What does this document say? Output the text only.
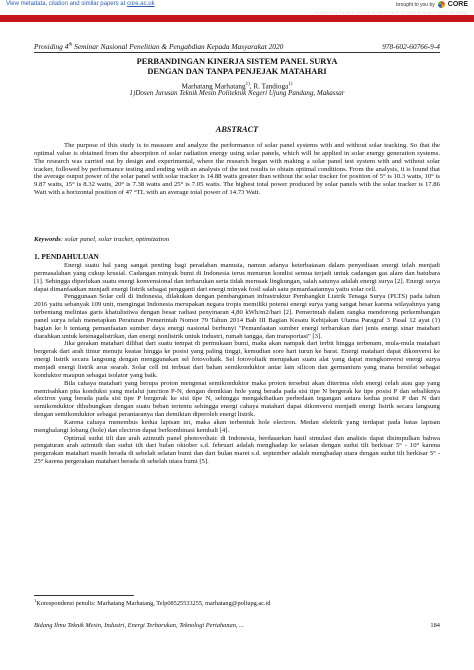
View metadata, citation and similar papers at core.ac.uk	brought to you by CORE
provided by Portal E-Journal System PNUP (Politeknik Negeri Ujung Pandang)
Prosiding 4th Seminar Nasional Penelitian & Pengabdian Kepada Masyarakat 2020	978-602-60766-9-4
PERBANDINGAN KINERJA SISTEM PANEL SURYA
DENGAN DAN TANPA PENJEJAK MATAHARI
Marhatang Marhatang$^{1)}$, R. Tandioga$^{1)}$
1)Dosen Jurusan Teknik Mesin Politeknik Negeri Ujung Pandang, Makassar
ABSTRACT
The purpose of this study is to measure and analyze the performance of solar panel systems with and without solar tracking. So that the optimal value is obtained from the absorption of solar radiation energy using solar panels, which will be applied in solar energy generation systems. The research was carried out by design and experimental, where the research began with making a solar panel test system with and without solar tracker, followed by performance testing and ending with an analysis of the test results to obtain optimal conditions. From the analysis, it is found that the average output power of the solar panel with solar tracker is 14.88 watts greater than without the solar tracker for position of 5° is 10.3 watts, 10° is 9.87 watts, 15° is 8.32 watts, 20° is 7.38 watts and 25° is 7.05 watts. The highest total power produced by solar panels with the solar tracker is 17.86 Watt with a horizontal position of 47 °TL with an average total power of 14.73 Watt.
Keywords: solar panel, solar tracker, optimization
1. PENDAHULUAN

Energi suatu hal yang sangat penting bagi peradaban manusia, namun adanya keterbatasan dalam penyediaan energi telah menjadi permasalahan yang cukup krusial. Cadangan minyak bumi di Indonesia terus menurun kondisi semua terjadi untuk cadangan gas alam dan batubara [1]. Sehingga diperlukan suatu energi konvensional dan terbarukan serta tidak merusak lingkungan, salah satunya adalah energi surya [2]. Energi surya dapat dimanfaatkan menjadi energi listrik sebagai pengganti dari energi minyak fosil salah satu pemanfaatannya yaitu solar cell.

Penggunaan Solar cell di Indonesia, dilakukan dengan pembangunan infrastruktur Pembangkit Listrik Tenaga Surya (PLTS) pada tahun 2016 yaitu sebanyak 109 unit, mengingat Indonesia merupakan negara tropis memiliki potensi energi surya yang sangat besar karena wilayahnya yang terbentang melintas garis khatulistiwa dengan besar radiasi penyinaran 4,80 kWh/m2/hari [2]. Pemerintah dalam rangka mendorong perkembangan panel surya telah menetapkan Peraturan Pemerintah Nomor 79 Tahun 2014 Bab III Bagian Kesatu Kebijakan Utama Paragraf 3 Pasal 12 ayat (1) bagian ke b tentang pemanfaatan sumber daya energi nasional berbunyi "Pemanfaatan sumber energi terbarukan dari jenis energi sinar matahari diarahkan untuk ketenagalistrikan, dan energi nonlistrik untuk industri, rumah tangga, dan transportasi" [3].

Jika gerakan matahari dilihat dari suatu tempat di permukaan bumi, maka akan nampak dari terbit hingga terbenam, mula-mula matahari bergerak dari arah timur menuju keatas hingga ke posisi yang paling tinggi, kemudian sore hari turun ke barat. Energi matahari dapat dikonversi ke energi listrik secara langsung dengan menggunakan sel fotovoltaik. Sel fotovoltaik merupakan suatu alat yang dapat mengkonversi energi surya menjadi energi listrik arus searah. Solar cell ini terbuat dari bahan semikonduktor antar lain silicon dan germanium yang mana bersifat sebagai konduktor maupun sebagai isolator yang baik.

Bila cahaya matahari yang berupa proton mengenai semikonduktor maka proton tersebut akan diterima oleh energi celah atau gap yang memisahkan pita konduksi yang melalui junction P-N, dengan demikian hole yang berada pada sisi tipe N bergerak ke tipe posisi P dan sebaliknya electron yang berada pada sisi tipe P bergerak ke sisi tipe N, sehingga mengakibatkan perbedaan tegangan antara kedua posisi P dan N dari semikonduktor dihubungkan dengan suatu beban tertentu sehingga energi cahaya matahari dapat dikonversi menjadi energi listrik secara langsung dengan semikonduktor sebagai perantaranya dan demikian diperoleh energi listrik.

Karena cahaya menembus kedua lapisan ini, maka akan terbentuk hole electron. Medan elektrik yang terdapat pada batas lapisan menghalangi lobang (hole) dan electron dapat berkombinasi kembali [4].

Optimal sudut tilt dan arah azimuth panel photovoltaic di Indonesia, berdasarkan hasil simulasi dan analisis dapat disimpulkan bahwa pengaturan arah azimuth dan sudut tilt dari bulan oktober s.d. februari adalah menghadap ke selatan dengan sudut tilt berkisar 5° - 10° karena pergerakan matahari masih berada di sebelah selatan bumi dan dari bulan maret s.d. september adalah menghadap utara dengan sudut tilt berkisar 5° - 25° karena pergerakan matahari berada di sebelah utara bumi [5].

$^1$Korespondensi penulis: Marhatang Marhatang, Telp08525533255, marhatang@poliupg.ac.id
Bidang Ilmu Teknik Mesin, Industri, Energi Terbarukan, Teknologi Pertahanan, ...	184
